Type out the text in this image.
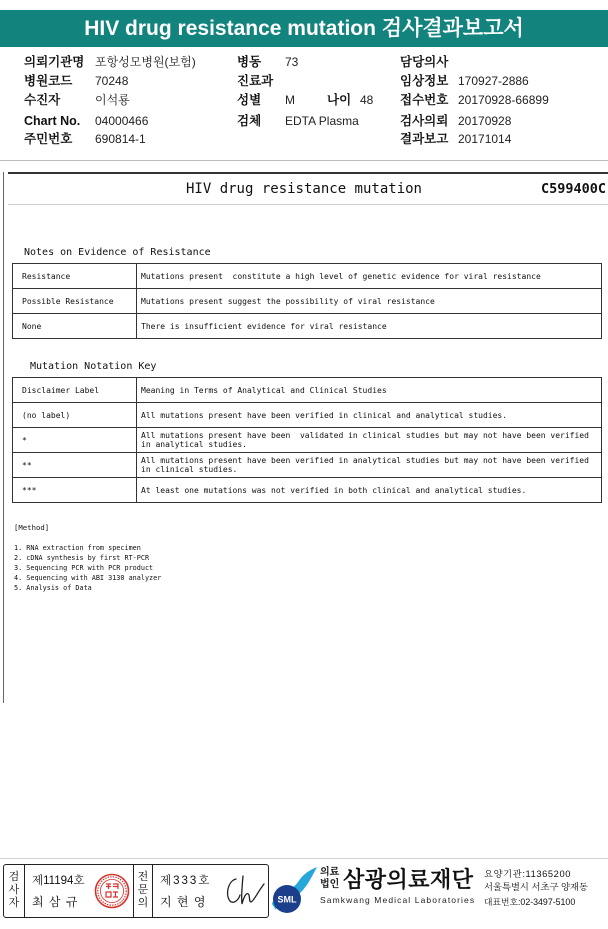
HIV drug resistance mutation 검사결과보고서
의뢰기관명 포항성모병원(보험)	병동 73	담당의사
병원코드 70248	진료과	임상정보 170927-2886
수진자	이석룡	성별 M	나이 48 접수번호 20170928-66899
Chart No. 04000466	검체 EDTA Plasma	검사의뢰 20170928
주민번호 690814-1	결과보고 20171014
HIV drug resistance mutation	C599400C
Notes on Evidence of Resistance
Resistance	Mutations present  constitute a high level of genetic evidence for viral resistance
Possible Resistance	Mutations present suggest the possibility of viral resistance
None	There is insufficient evidence for viral resistance
Mutation Notation Key
Disclaimer Label	Meaning in Terms of Analytical and Clinical Studies
(no label)	All mutations present have been verified in clinical and analytical studies.
*	All mutations present have been  validated in clinical studies but may not have been verified in analytical studies.
**	All mutations present have been verified in analytical studies but may not have been verified in clinical studies.
***	At least one mutations was not verified in both clinical and analytical studies.
[Method]
1. RNA extraction from specimen
2. cDNA synthesis by first RT-PCR
3. Sequencing PCR with PCR product
4. Sequencing with ABI 3130 analyzer
5. Analysis of Data
검사자
제11194호
최 삼 규
전문의
제333호
지 현 영	SML
의료법인 삼광의료재단
Samkwang Medical Laboratories
요양기관:11365200
서울특별시 서초구 양재동
대표번호:02-3497-5100
